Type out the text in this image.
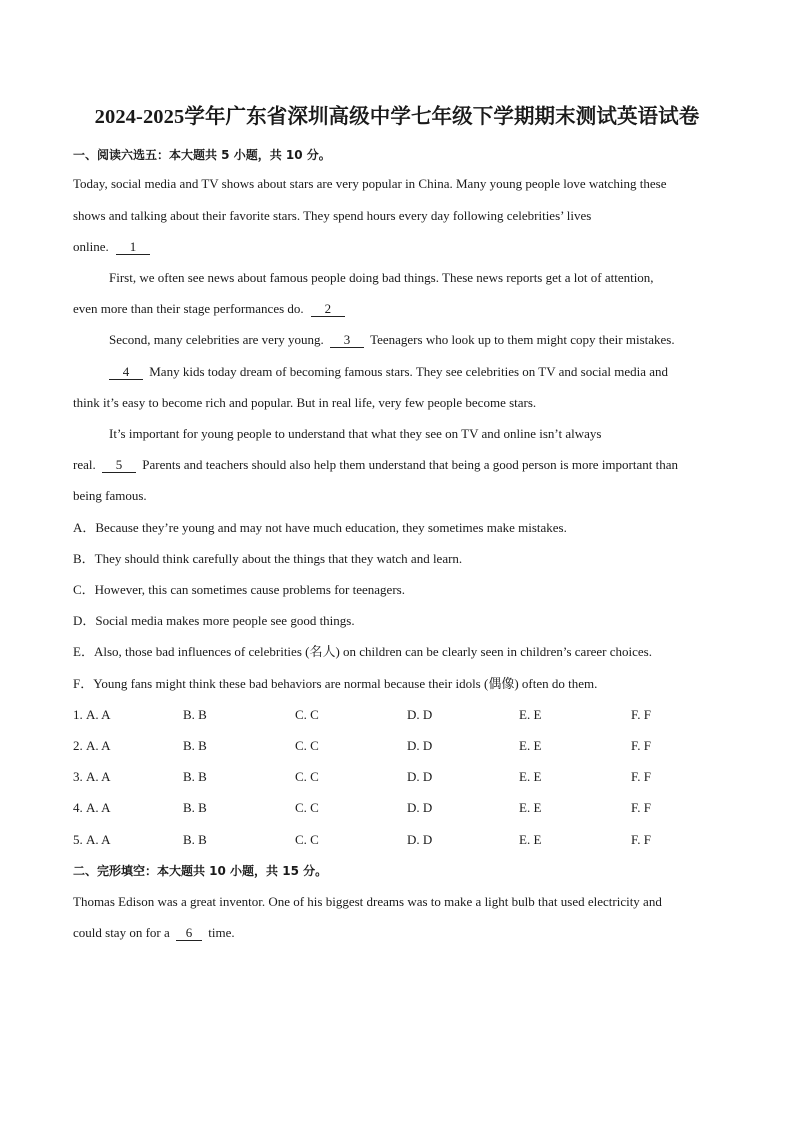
2024-2025学年广东省深圳高级中学七年级下学期期末测试英语试卷
一、阅读六选五：本大题共 5 小题，共 10 分。
Today, social media and TV shows about stars are very popular in China. Many young people love watching these
shows and talking about their favorite stars. They spend hours every day following celebrities’ lives
online. 1
First, we often see news about famous people doing bad things. These news reports get a lot of attention,
even more than their stage performances do. 2
Second, many celebrities are very young. 3 Teenagers who look up to them might copy their mistakes.
4 Many kids today dream of becoming famous stars. They see celebrities on TV and social media and
think it’s easy to become rich and popular. But in real life, very few people become stars.
It’s important for young people to understand that what they see on TV and online isn’t always
real. 5 Parents and teachers should also help them understand that being a good person is more important than
being famous.
A．Because they’re young and may not have much education, they sometimes make mistakes.
B．They should think carefully about the things that they watch and learn.
C．However, this can sometimes cause problems for teenagers.
D．Social media makes more people see good things.
E．Also, those bad influences of celebrities (名人) on children can be clearly seen in children’s career choices.
F．Young fans might think these bad behaviors are normal because their idols (偶像) often do them.
1. A. A	B. B	C. C	D. D	E. E	F. F
2. A. A	B. B	C. C	D. D	E. E	F. F
3. A. A	B. B	C. C	D. D	E. E	F. F
4. A. A	B. B	C. C	D. D	E. E	F. F
5. A. A	B. B	C. C	D. D	E. E	F. F
二、完形填空：本大题共 10 小题，共 15 分。
Thomas Edison was a great inventor. One of his biggest dreams was to make a light bulb that used electricity and
could stay on for a 6 time.
